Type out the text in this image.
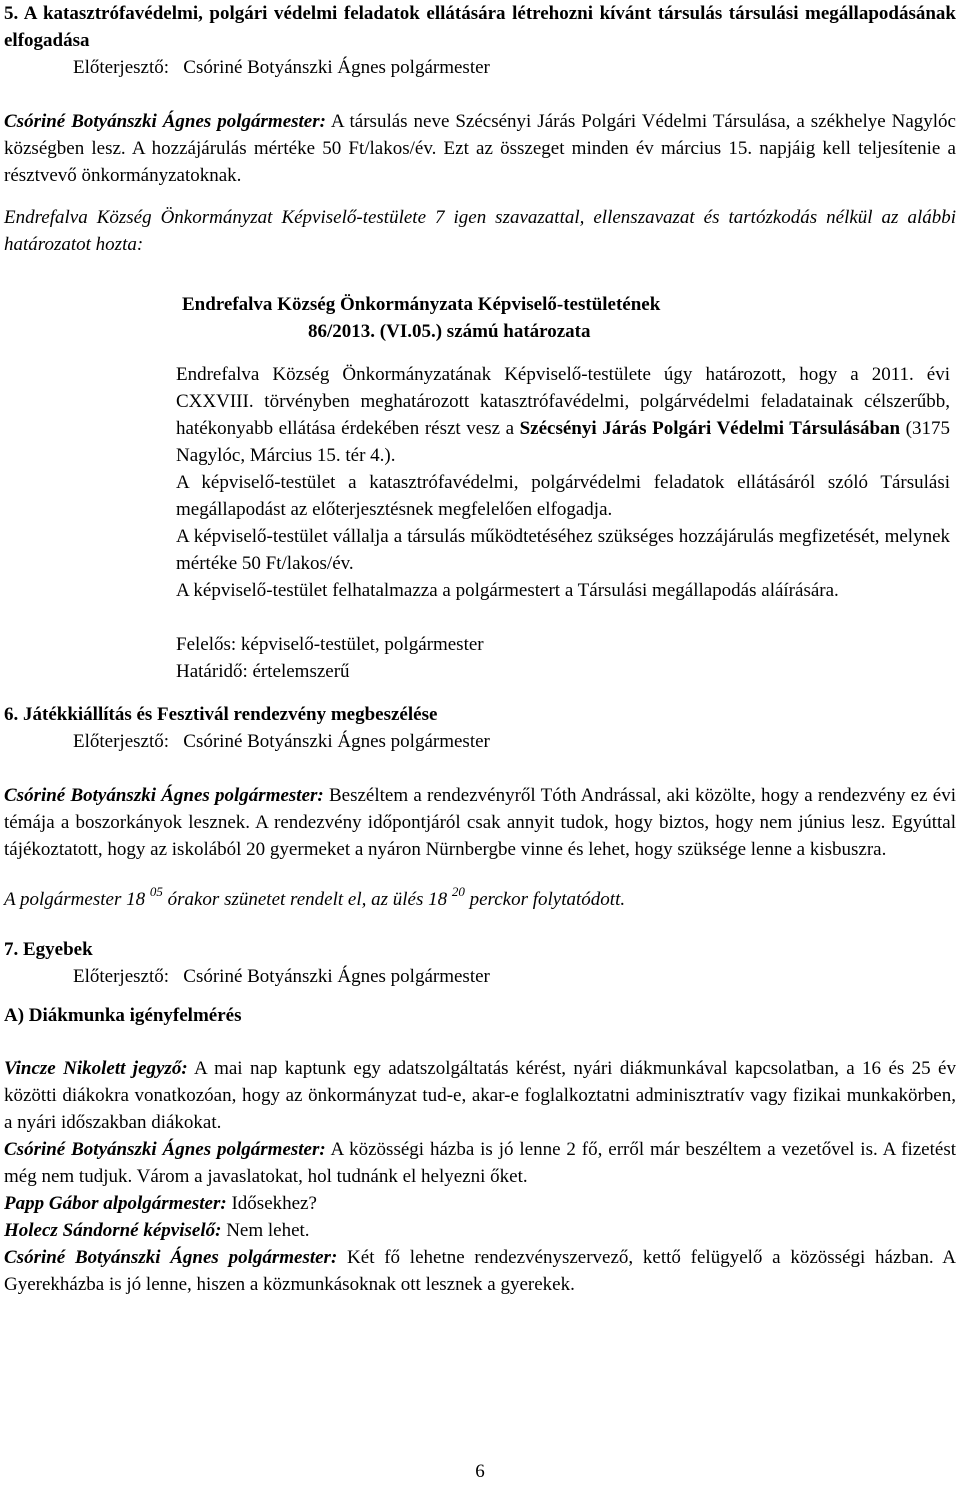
5. A katasztrófavédelmi, polgári védelmi feladatok ellátására létrehozni kívánt társulás társulási megállapodásának elfogadása

Előterjesztő: Csóriné Botyánszki Ágnes polgármester

Csóriné Botyánszki Ágnes polgármester: A társulás neve Szécsényi Járás Polgári Védelmi Társulása, a székhelye Nagylóc községben lesz. A hozzájárulás mértéke 50 Ft/lakos/év. Ezt az összeget minden év március 15. napjáig kell teljesítenie a résztvevő önkormányzatoknak.

Endrefalva Község Önkormányzat Képviselő-testülete 7 igen szavazattal, ellenszavazat és tartózkodás nélkül az alábbi határozatot hozta:

Endrefalva Község Önkormányzata Képviselő-testületének

86/2013. (VI.05.) számú határozata

Endrefalva Község Önkormányzatának Képviselő-testülete úgy határozott, hogy a 2011. évi CXXVIII. törvényben meghatározott katasztrófavédelmi, polgárvédelmi feladatainak célszerűbb, hatékonyabb ellátása érdekében részt vesz a Szécsényi Járás Polgári Védelmi Társulásában (3175 Nagylóc, Március 15. tér 4.).

A képviselő-testület a katasztrófavédelmi, polgárvédelmi feladatok ellátásáról szóló Társulási megállapodást az előterjesztésnek megfelelően elfogadja.

A képviselő-testület vállalja a társulás működtetéséhez szükséges hozzájárulás megfizetését, melynek mértéke 50 Ft/lakos/év.

A képviselő-testület felhatalmazza a polgármestert a Társulási megállapodás aláírására.

Felelős: képviselő-testület, polgármester

Határidő: értelemszerű

6. Játékkiállítás és Fesztivál rendezvény megbeszélése

Előterjesztő: Csóriné Botyánszki Ágnes polgármester

Csóriné Botyánszki Ágnes polgármester: Beszéltem a rendezvényről Tóth Andrással, aki közölte, hogy a rendezvény ez évi témája a boszorkányok lesznek. A rendezvény időpontjáról csak annyit tudok, hogy biztos, hogy nem június lesz. Egyúttal tájékoztatott, hogy az iskolából 20 gyermeket a nyáron Nürnbergbe vinne és lehet, hogy szüksége lenne a kisbuszra.

A polgármester 18 $^{05}$ órakor szünetet rendelt el, az ülés 18 $^{20}$ perckor folytatódott.

7. Egyebek

Előterjesztő: Csóriné Botyánszki Ágnes polgármester

A) Diákmunka igényfelmérés

Vincze Nikolett jegyző: A mai nap kaptunk egy adatszolgáltatás kérést, nyári diákmunkával kapcsolatban, a 16 és 25 év közötti diákokra vonatkozóan, hogy az önkormányzat tud-e, akar-e foglalkoztatni adminisztratív vagy fizikai munkakörben, a nyári időszakban diákokat.

Csóriné Botyánszki Ágnes polgármester: A közösségi házba is jó lenne 2 fő, erről már beszéltem a vezetővel is. A fizetést még nem tudjuk. Várom a javaslatokat, hol tudnánk el helyezni őket.

Papp Gábor alpolgármester: Idősekhez?

Holecz Sándorné képviselő: Nem lehet.

Csóriné Botyánszki Ágnes polgármester: Két fő lehetne rendezvényszervező, kettő felügyelő a közösségi házban. A Gyerekházba is jó lenne, hiszen a közmunkásoknak ott lesznek a gyerekek.

6
